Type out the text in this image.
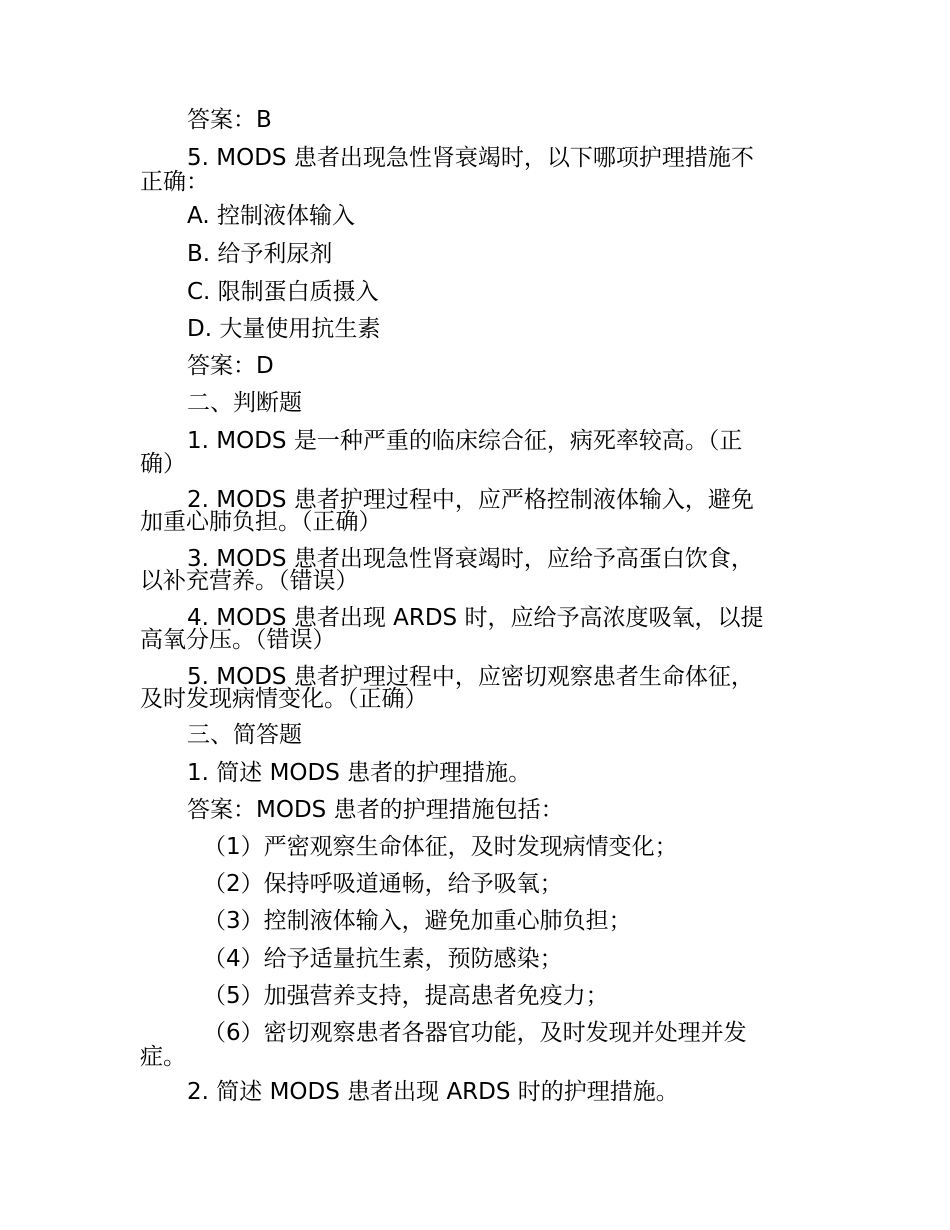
答案：B
5. MODS 患者出现急性肾衰竭时，以下哪项护理措施不
正确：
A. 控制液体输入
B. 给予利尿剂
C. 限制蛋白质摄入
D. 大量使用抗生素
答案：D
二、判断题
1. MODS 是一种严重的临床综合征，病死率较高。（正
确）
2. MODS 患者护理过程中，应严格控制液体输入，避免
加重心肺负担。（正确）
3. MODS 患者出现急性肾衰竭时，应给予高蛋白饮食，
以补充营养。（错误）
4. MODS 患者出现 ARDS 时，应给予高浓度吸氧，以提
高氧分压。（错误）
5. MODS 患者护理过程中，应密切观察患者生命体征，
及时发现病情变化。（正确）
三、简答题
1. 简述 MODS 患者的护理措施。
答案：MODS 患者的护理措施包括：
（1）严密观察生命体征，及时发现病情变化；
（2）保持呼吸道通畅，给予吸氧；
（3）控制液体输入，避免加重心肺负担；
（4）给予适量抗生素，预防感染；
（5）加强营养支持，提高患者免疫力；
（6）密切观察患者各器官功能，及时发现并处理并发
症。
2. 简述 MODS 患者出现 ARDS 时的护理措施。
